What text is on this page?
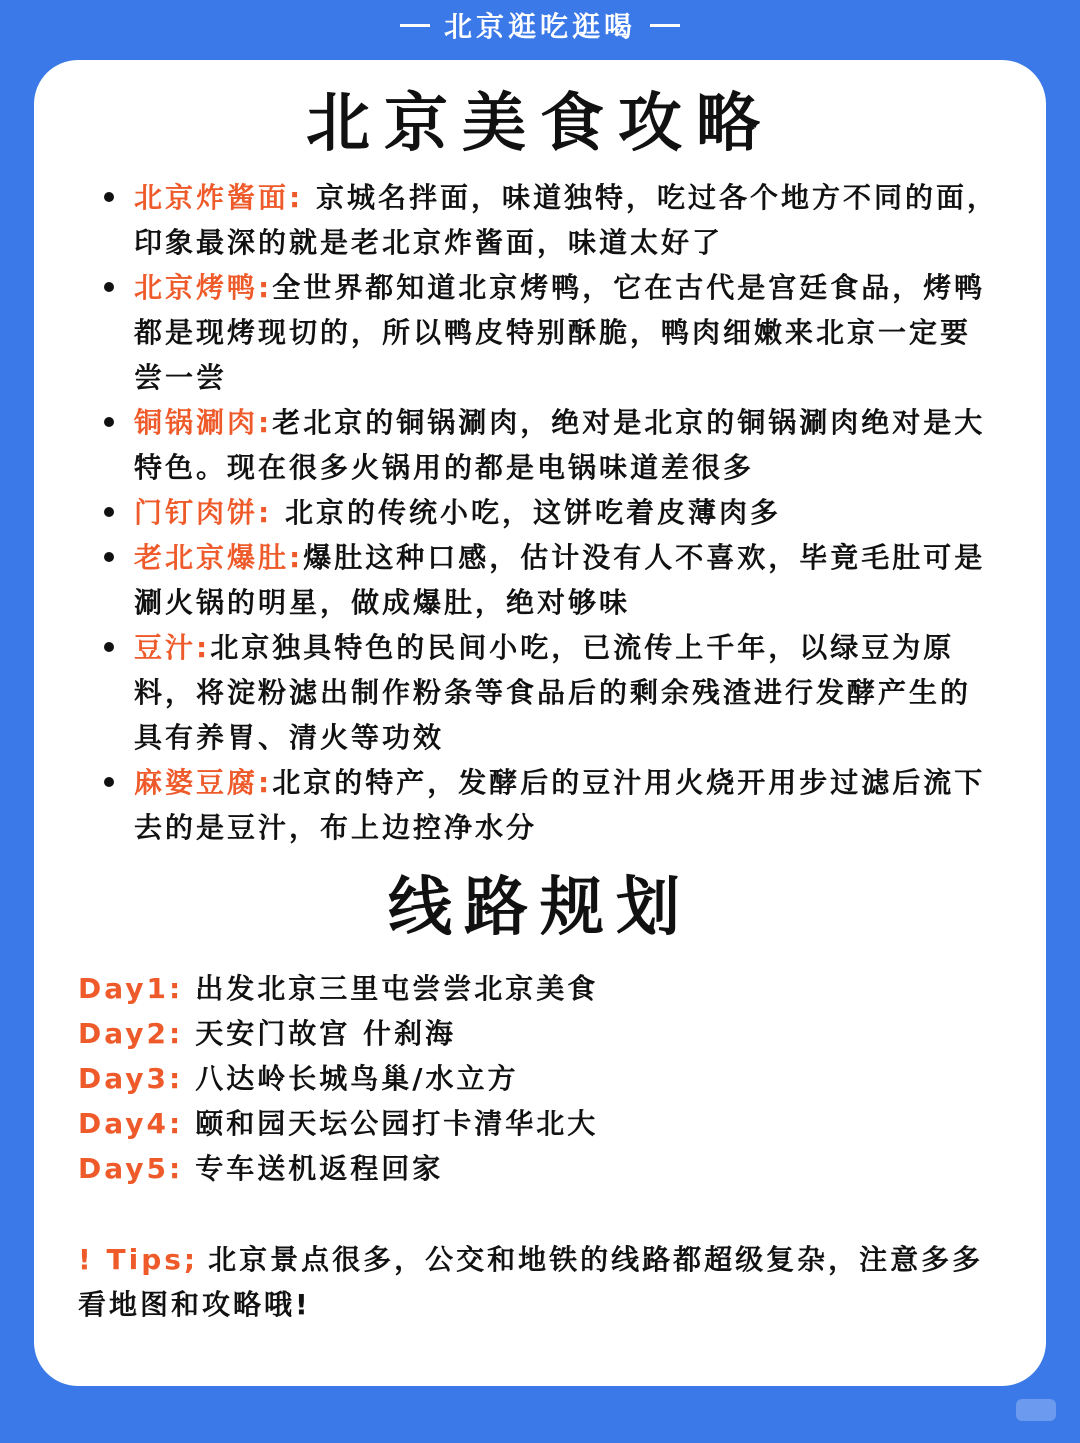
北京逛吃逛喝
北京美食攻略
北京炸酱面: 京城名拌面，味道独特，吃过各个地方不同的面，印象最深的就是老北京炸酱面，味道太好了
北京烤鸭:全世界都知道北京烤鸭，它在古代是宫廷食品，烤鸭都是现烤现切的，所以鸭皮特别酥脆，鸭肉细嫩来北京一定要尝一尝
铜锅涮肉:老北京的铜锅涮肉，绝对是北京的铜锅涮肉绝对是大特色。现在很多火锅用的都是电锅味道差很多
门钉肉饼: 北京的传统小吃，这饼吃着皮薄肉多
老北京爆肚:爆肚这种口感，估计没有人不喜欢，毕竟毛肚可是涮火锅的明星，做成爆肚，绝对够味
豆汁:北京独具特色的民间小吃，已流传上千年，以绿豆为原料，将淀粉滤出制作粉条等食品后的剩余残渣进行发酵产生的具有养胃、清火等功效
麻婆豆腐:北京的特产，发酵后的豆汁用火烧开用步过滤后流下去的是豆汁，布上边控净水分
线路规划
Day1: 出发北京三里屯尝尝北京美食
Day2: 天安门故宫 什刹海
Day3: 八达岭长城鸟巢/水立方
Day4: 颐和园天坛公园打卡清华北大
Day5: 专车送机返程回家
! Tips; 北京景点很多，公交和地铁的线路都超级复杂，注意多多看地图和攻略哦!
